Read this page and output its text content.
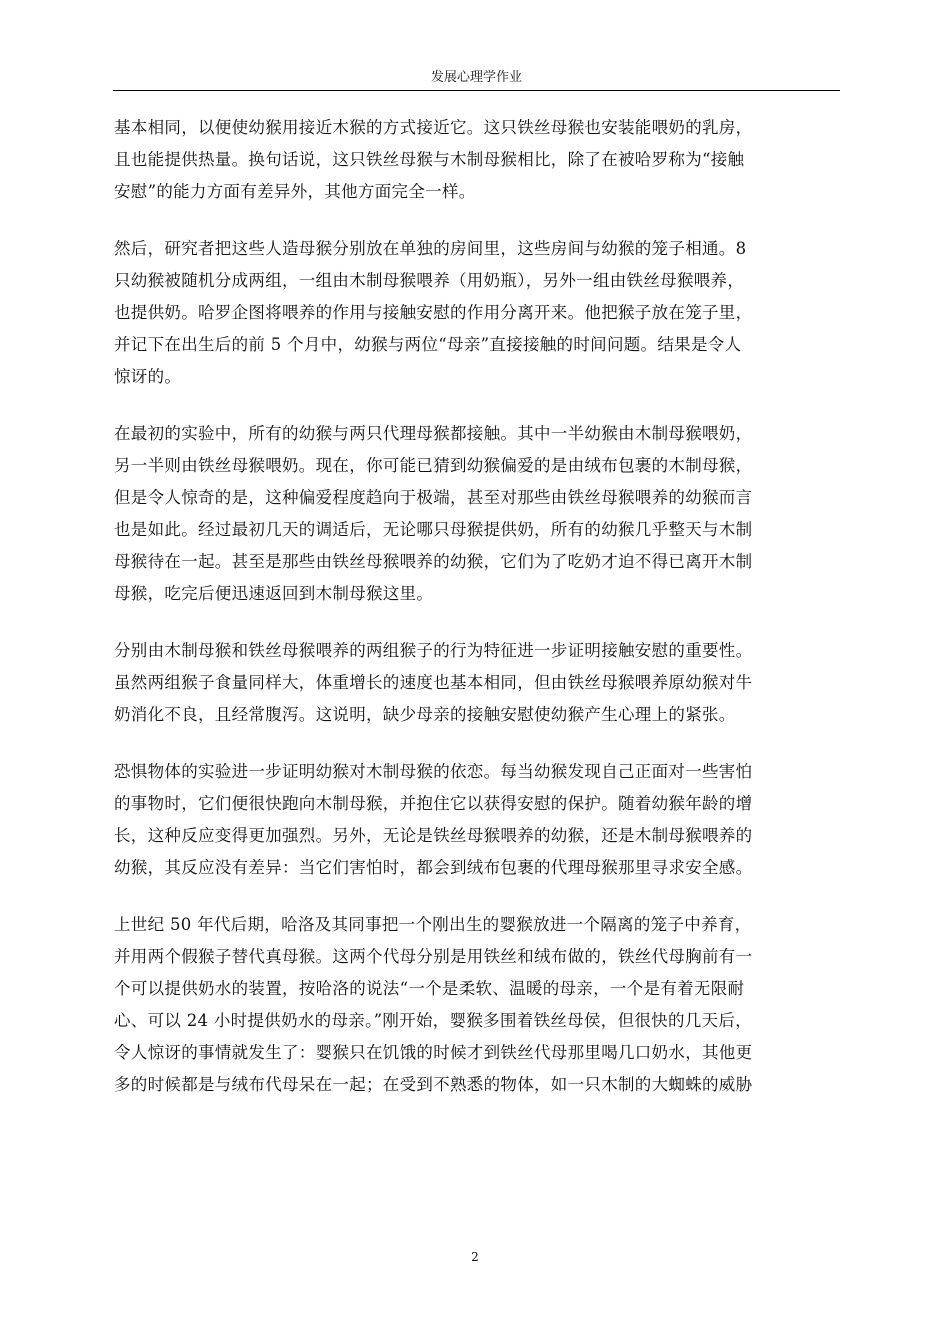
发展心理学作业

基本相同，以便使幼猴用接近木猴的方式接近它。这只铁丝母猴也安装能喂奶的乳房，
且也能提供热量。换句话说，这只铁丝母猴与木制母猴相比，除了在被哈罗称为“接触
安慰”的能力方面有差异外，其他方面完全一样。

然后，研究者把这些人造母猴分别放在单独的房间里，这些房间与幼猴的笼子相通。8
只幼猴被随机分成两组，一组由木制母猴喂养（用奶瓶），另外一组由铁丝母猴喂养，
也提供奶。哈罗企图将喂养的作用与接触安慰的作用分离开来。他把猴子放在笼子里，
并记下在出生后的前 5 个月中，幼猴与两位“母亲”直接接触的时间问题。结果是令人
惊讶的。

在最初的实验中，所有的幼猴与两只代理母猴都接触。其中一半幼猴由木制母猴喂奶，
另一半则由铁丝母猴喂奶。现在，你可能已猜到幼猴偏爱的是由绒布包裹的木制母猴，
但是令人惊奇的是，这种偏爱程度趋向于极端，甚至对那些由铁丝母猴喂养的幼猴而言
也是如此。经过最初几天的调适后，无论哪只母猴提供奶，所有的幼猴几乎整天与木制
母猴待在一起。甚至是那些由铁丝母猴喂养的幼猴，它们为了吃奶才迫不得已离开木制
母猴，吃完后便迅速返回到木制母猴这里。

分别由木制母猴和铁丝母猴喂养的两组猴子的行为特征进一步证明接触安慰的重要性。
虽然两组猴子食量同样大，体重增长的速度也基本相同，但由铁丝母猴喂养原幼猴对牛
奶消化不良，且经常腹泻。这说明，缺少母亲的接触安慰使幼猴产生心理上的紧张。

恐惧物体的实验进一步证明幼猴对木制母猴的依恋。每当幼猴发现自己正面对一些害怕
的事物时，它们便很快跑向木制母猴，并抱住它以获得安慰的保护。随着幼猴年龄的增
长，这种反应变得更加强烈。另外，无论是铁丝母猴喂养的幼猴，还是木制母猴喂养的
幼猴，其反应没有差异：当它们害怕时，都会到绒布包裹的代理母猴那里寻求安全感。

上世纪 50 年代后期，哈洛及其同事把一个刚出生的婴猴放进一个隔离的笼子中养育，
并用两个假猴子替代真母猴。这两个代母分别是用铁丝和绒布做的，铁丝代母胸前有一
个可以提供奶水的装置，按哈洛的说法“一个是柔软、温暖的母亲，一个是有着无限耐
心、可以 24 小时提供奶水的母亲。”刚开始，婴猴多围着铁丝母侯，但很快的几天后，
令人惊讶的事情就发生了：婴猴只在饥饿的时候才到铁丝代母那里喝几口奶水，其他更
多的时候都是与绒布代母呆在一起；在受到不熟悉的物体，如一只木制的大蜘蛛的威胁

2
